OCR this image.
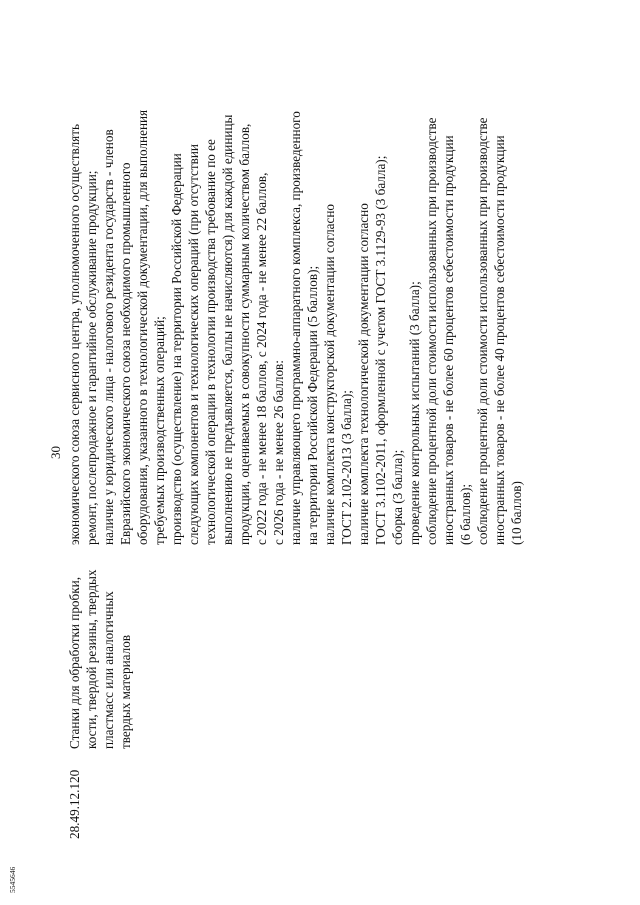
30
28.49.12.120

Станки для обработки пробки, кости, твердой резины, твердых пластмасс или аналогичных твердых материалов

экономического союза сервисного центра, уполномоченного осуществлять ремонт, послепродажное и гарантийное обслуживание продукции; наличие у юридического лица - налогового резидента государств - членов Евразийского экономического союза необходимого промышленного оборудования, указанного в технологической документации, для выполнения требуемых производственных операций; производство (осуществление) на территории Российской Федерации следующих компонентов и технологических операций (при отсутствии технологической операции в технологии производства требование по ее выполнению не предъявляется, баллы не начисляются) для каждой единицы продукции, оцениваемых в совокупности суммарным количеством баллов, с 2022 года - не менее 18 баллов, с 2024 года - не менее 22 баллов, с 2026 года - не менее 26 баллов: наличие управляющего программно-аппаратного комплекса, произведенного на территории Российской Федерации (5 баллов); наличие комплекта конструкторской документации согласно ГОСТ 2.102-2013 (3 балла); наличие комплекта технологической документации согласно ГОСТ 3.1102-2011, оформленной с учетом ГОСТ 3.1129-93 (3 балла); сборка (3 балла); проведение контрольных испытаний (3 балла); соблюдение процентной доли стоимости использованных при производстве иностранных товаров - не более 60 процентов себестоимости продукции (6 баллов); соблюдение процентной доли стоимости использованных при производстве иностранных товаров - не более 40 процентов себестоимости продукции (10 баллов)

5545646
